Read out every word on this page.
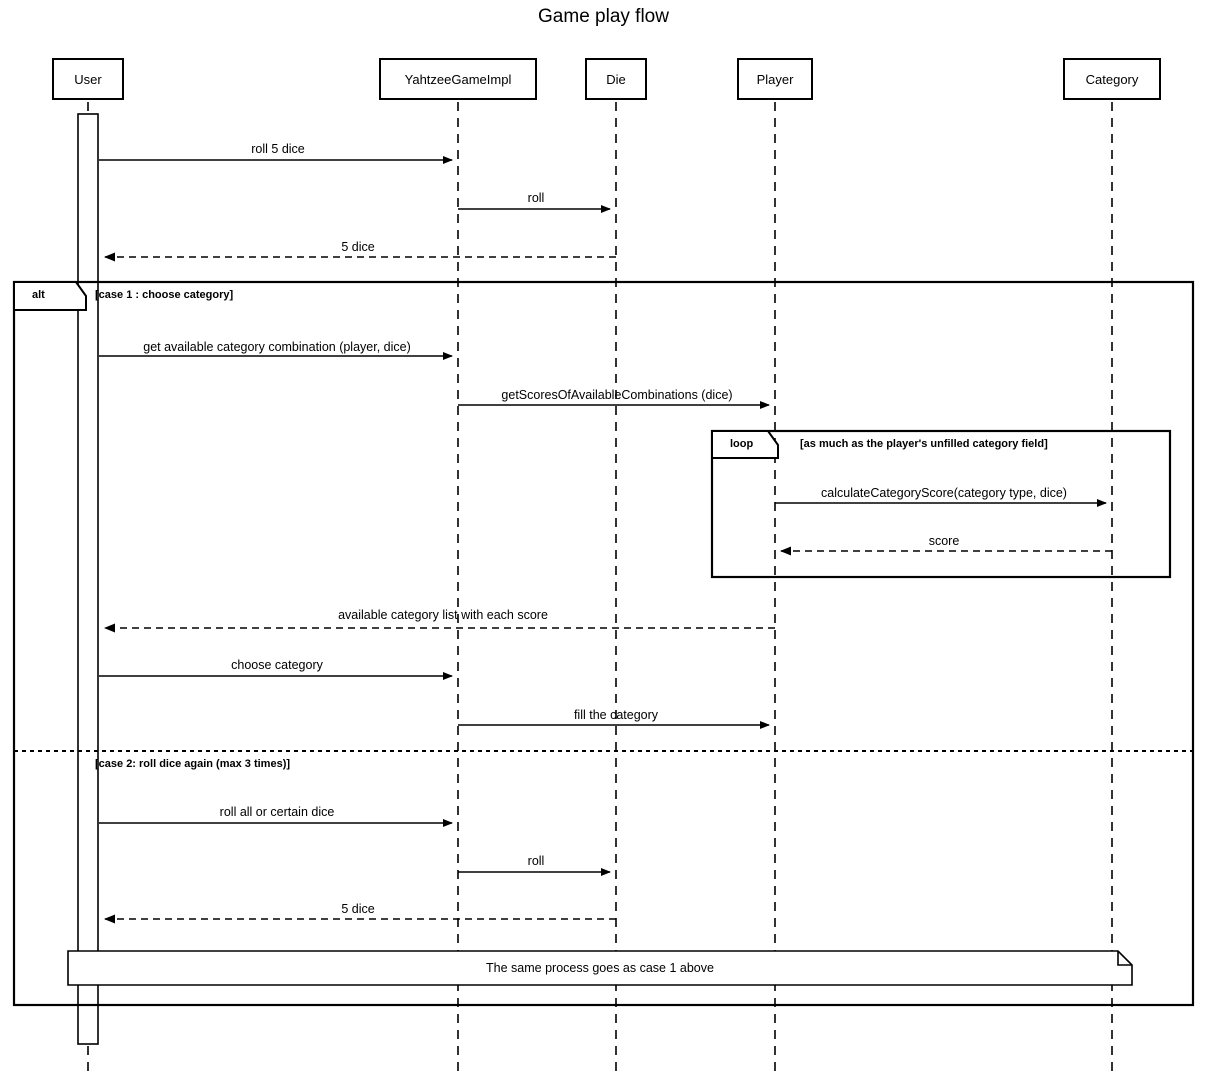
Game play flow
User	YahtzeeGameImpl	Die	Player	Category
roll 5 dice
roll
5 dice
get available category combination (player, dice)
getScoresOfAvailableCombinations (dice)
calculateCategoryScore(category type, dice)
score
available category list with each score
choose category
fill the category
roll all or certain dice
roll
5 dice
alt	[case 1 : choose category]
[case 2: roll dice again (max 3 times)]
loop	[as much as the player's unfilled category field]
The same process goes as case 1 above
